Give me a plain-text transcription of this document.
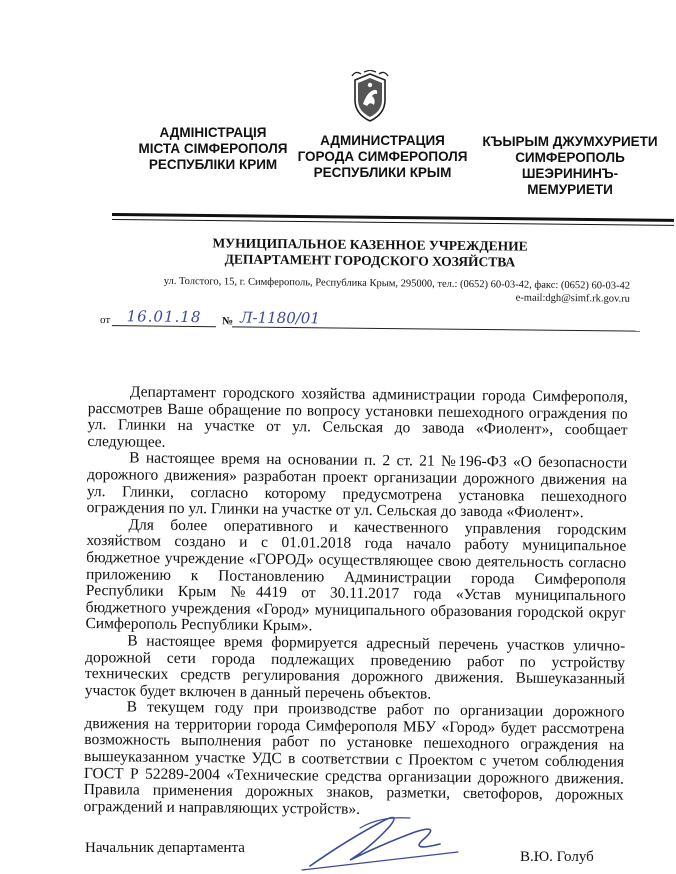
АДМІНІСТРАЦІЯ
МІСТА СІМФЕРОПОЛЯ
РЕСПУБЛІКИ КРИМ
АДМИНИСТРАЦИЯ
ГОРОДА СИМФЕРОПОЛЯ
РЕСПУБЛИКИ КРЫМ
КЪЫРЫМ ДЖУМХУРИЕТИ
СИМФЕРОПОЛЬ
ШЕЭРИНИНЪ-
МЕМУРИЕТИ
МУНИЦИПАЛЬНОЕ КАЗЕННОЕ УЧРЕЖДЕНИЕ
ДЕПАРТАМЕНТ ГОРОДСКОГО ХОЗЯЙСТВА
ул. Толстого, 15, г. Симферополь, Республика Крым, 295000, тел.: (0652) 60-03-42, факс: (0652) 60-03-42
e-mail:dgh@simf.rk.gov.ru
от	16.01.18	№ Л-1180/01

Департамент городского хозяйства администрации города Симферополя, рассмотрев Ваше обращение по вопросу установки пешеходного ограждения по ул. Глинки на участке от ул. Сельская до завода «Фиолент», сообщает следующее.

В настоящее время на основании п. 2 ст. 21 №196-ФЗ «О безопасности дорожного движения» разработан проект организации дорожного движения на ул. Глинки, согласно которому предусмотрена установка пешеходного ограждения по ул. Глинки на участке от ул. Сельская до завода «Фиолент».

Для более оперативного и качественного управления городским хозяйством создано и с 01.01.2018 года начало работу муниципальное бюджетное учреждение «ГОРОД» осуществляющее свою деятельность согласно приложению к Постановлению Администрации города Симферополя Республики Крым №4419 от 30.11.2017 года «Устав муниципального бюджетного учреждения «Город» муниципального образования городской округ Симферополь Республики Крым».

В настоящее время формируется адресный перечень участков улично-дорожной сети города подлежащих проведению работ по устройству технических средств регулирования дорожного движения. Вышеуказанный участок будет включен в данный перечень объектов.

В текущем году при производстве работ по организации дорожного движения на территории города Симферополя МБУ «Город» будет рассмотрена возможность выполнения работ по установке пешеходного ограждения на вышеуказанном участке УДС в соответствии с Проектом с учетом соблюдения ГОСТ Р 52289-2004 «Технические средства организации дорожного движения. Правила применения дорожных знаков, разметки, светофоров, дорожных ограждений и направляющих устройств».

Начальник департамента
В.Ю. Голуб
